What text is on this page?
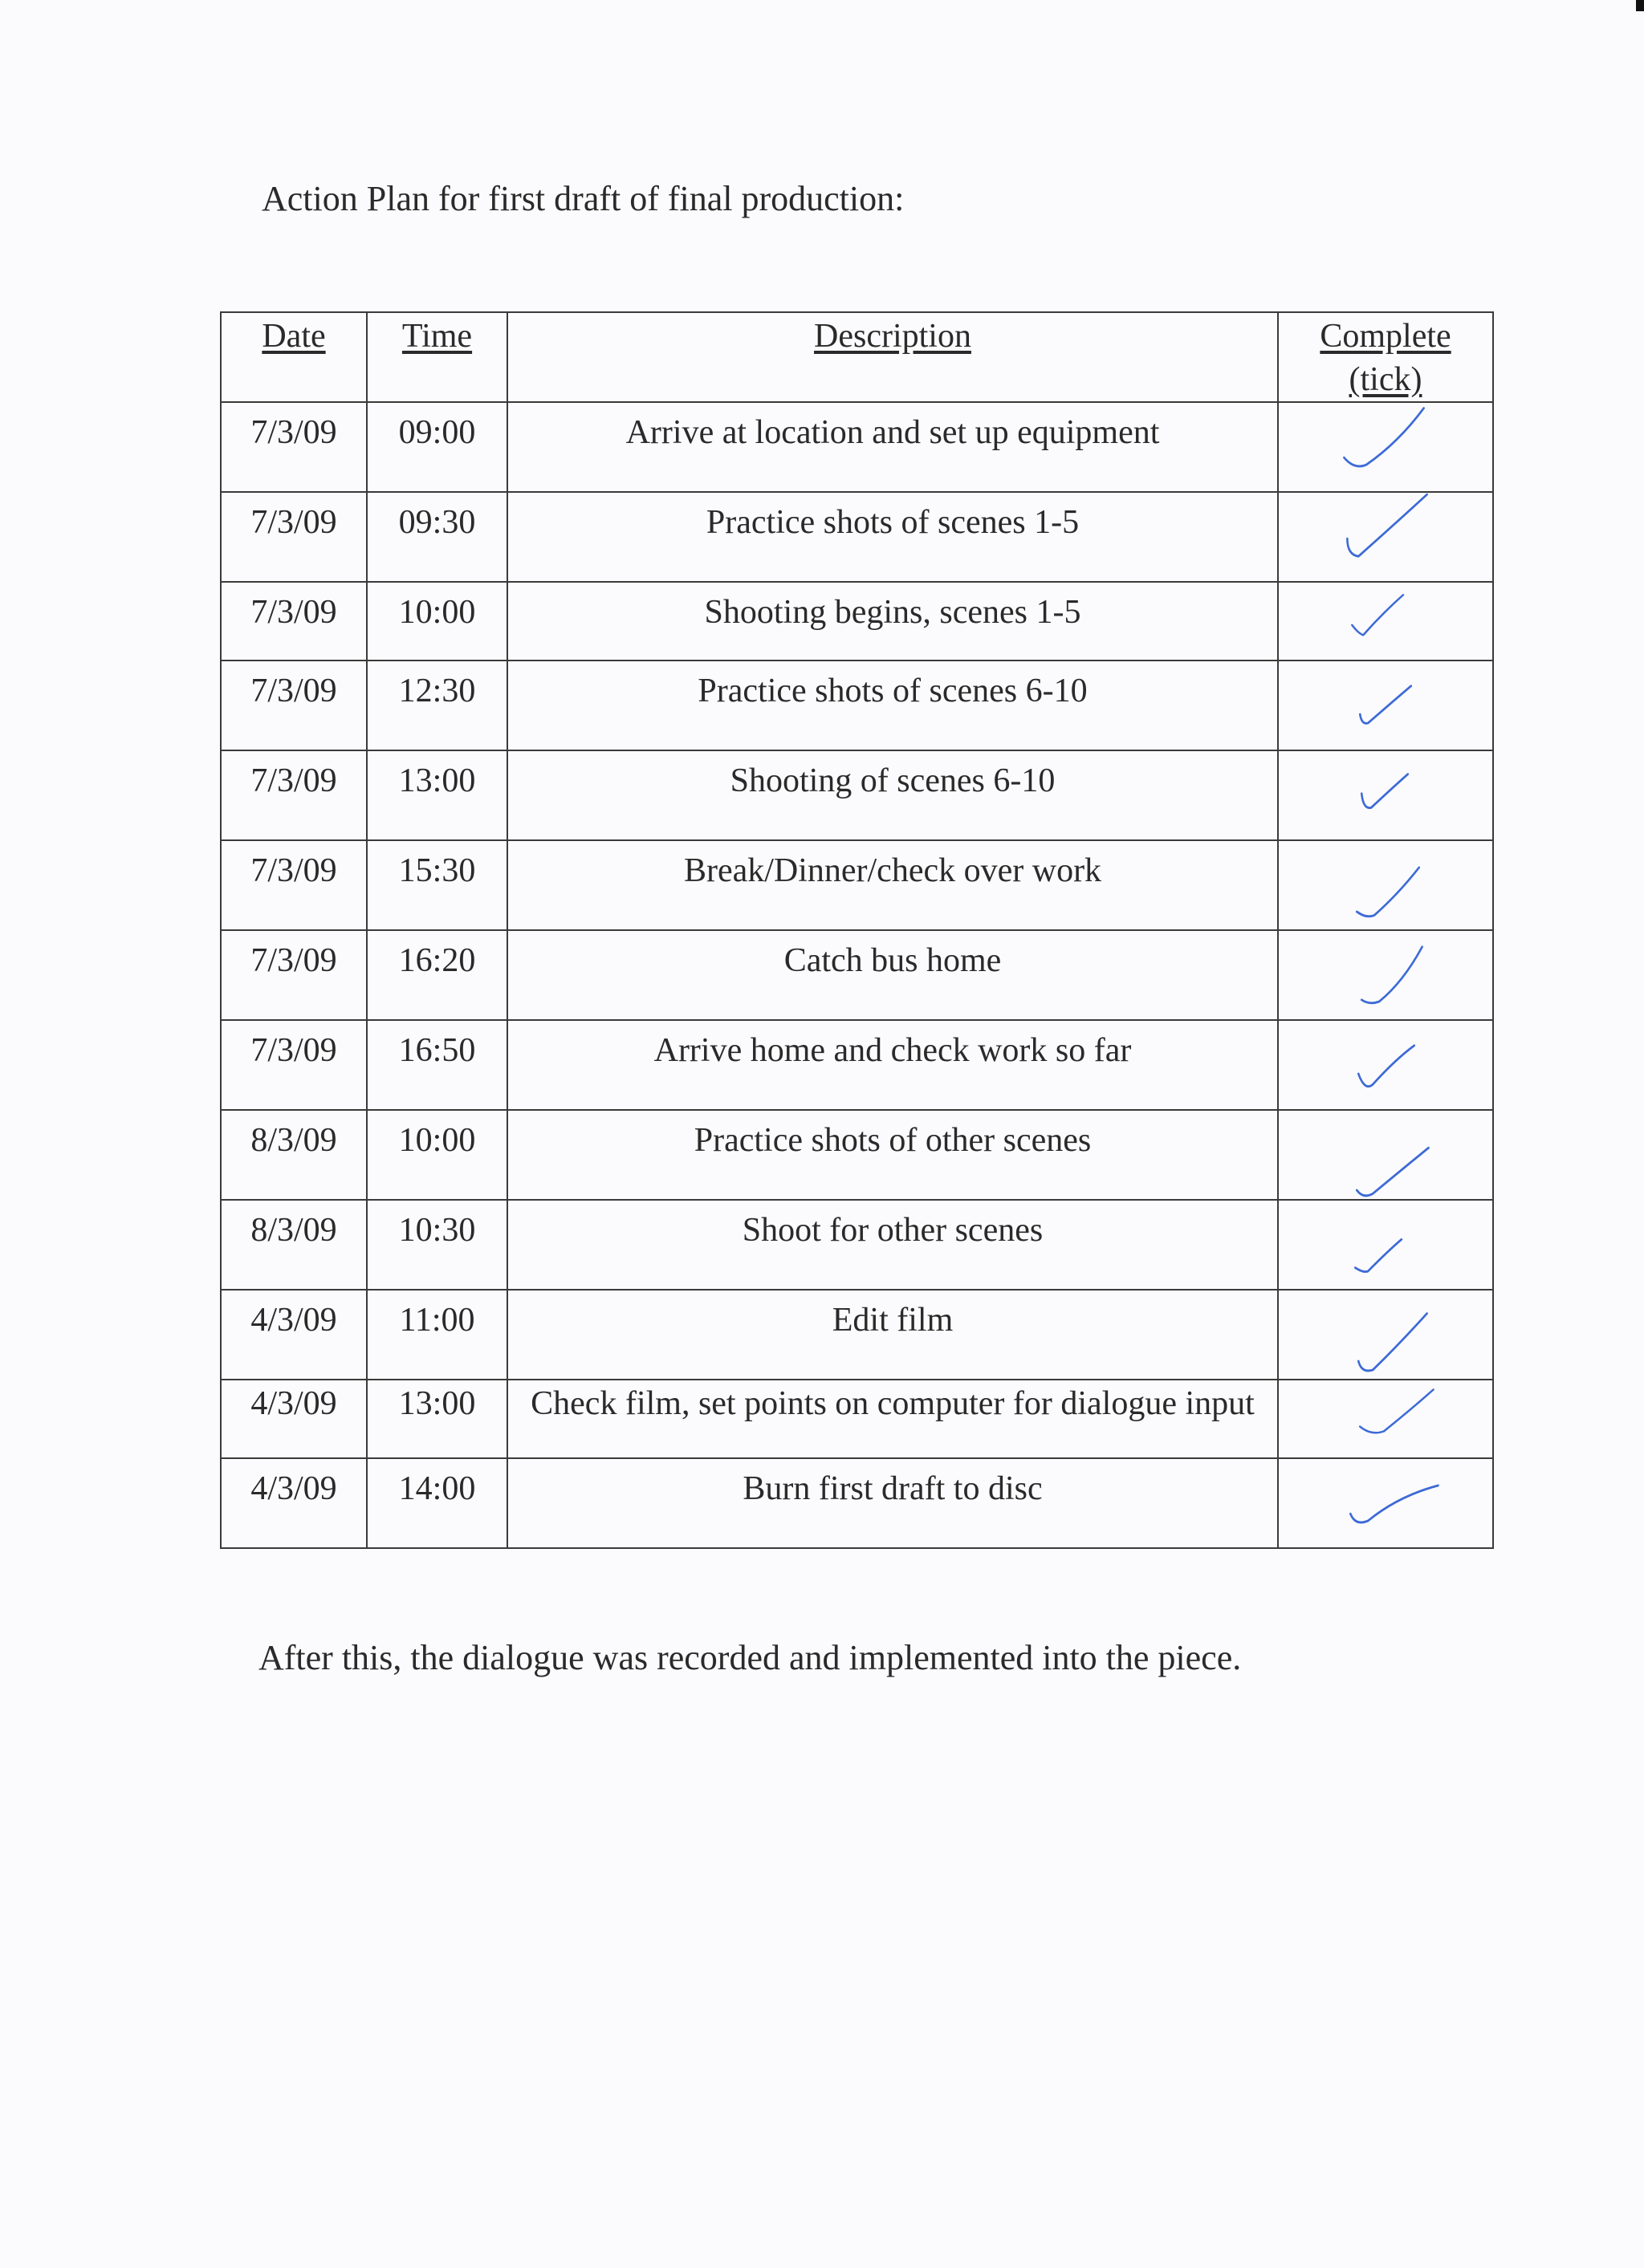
Action Plan for first draft of final production:
Date	Time	Description	Complete
(tick)
7/3/09	09:00	Arrive at location and set up equipment	

7/3/09	09:30	Practice shots of scenes 1-5	

7/3/09	10:00	Shooting begins, scenes 1-5	

7/3/09	12:30	Practice shots of scenes 6-10	

7/3/09	13:00	Shooting of scenes 6-10	

7/3/09	15:30	Break/Dinner/check over work	

7/3/09	16:20	Catch bus home	

7/3/09	16:50	Arrive home and check work so far	

8/3/09	10:00	Practice shots of other scenes	

8/3/09	10:30	Shoot for other scenes	

4/3/09	11:00	Edit film	

4/3/09	13:00	Check film, set points on computer for dialogue input	

4/3/09	14:00	Burn first draft to disc	

After this, the dialogue was recorded and implemented into the piece.
